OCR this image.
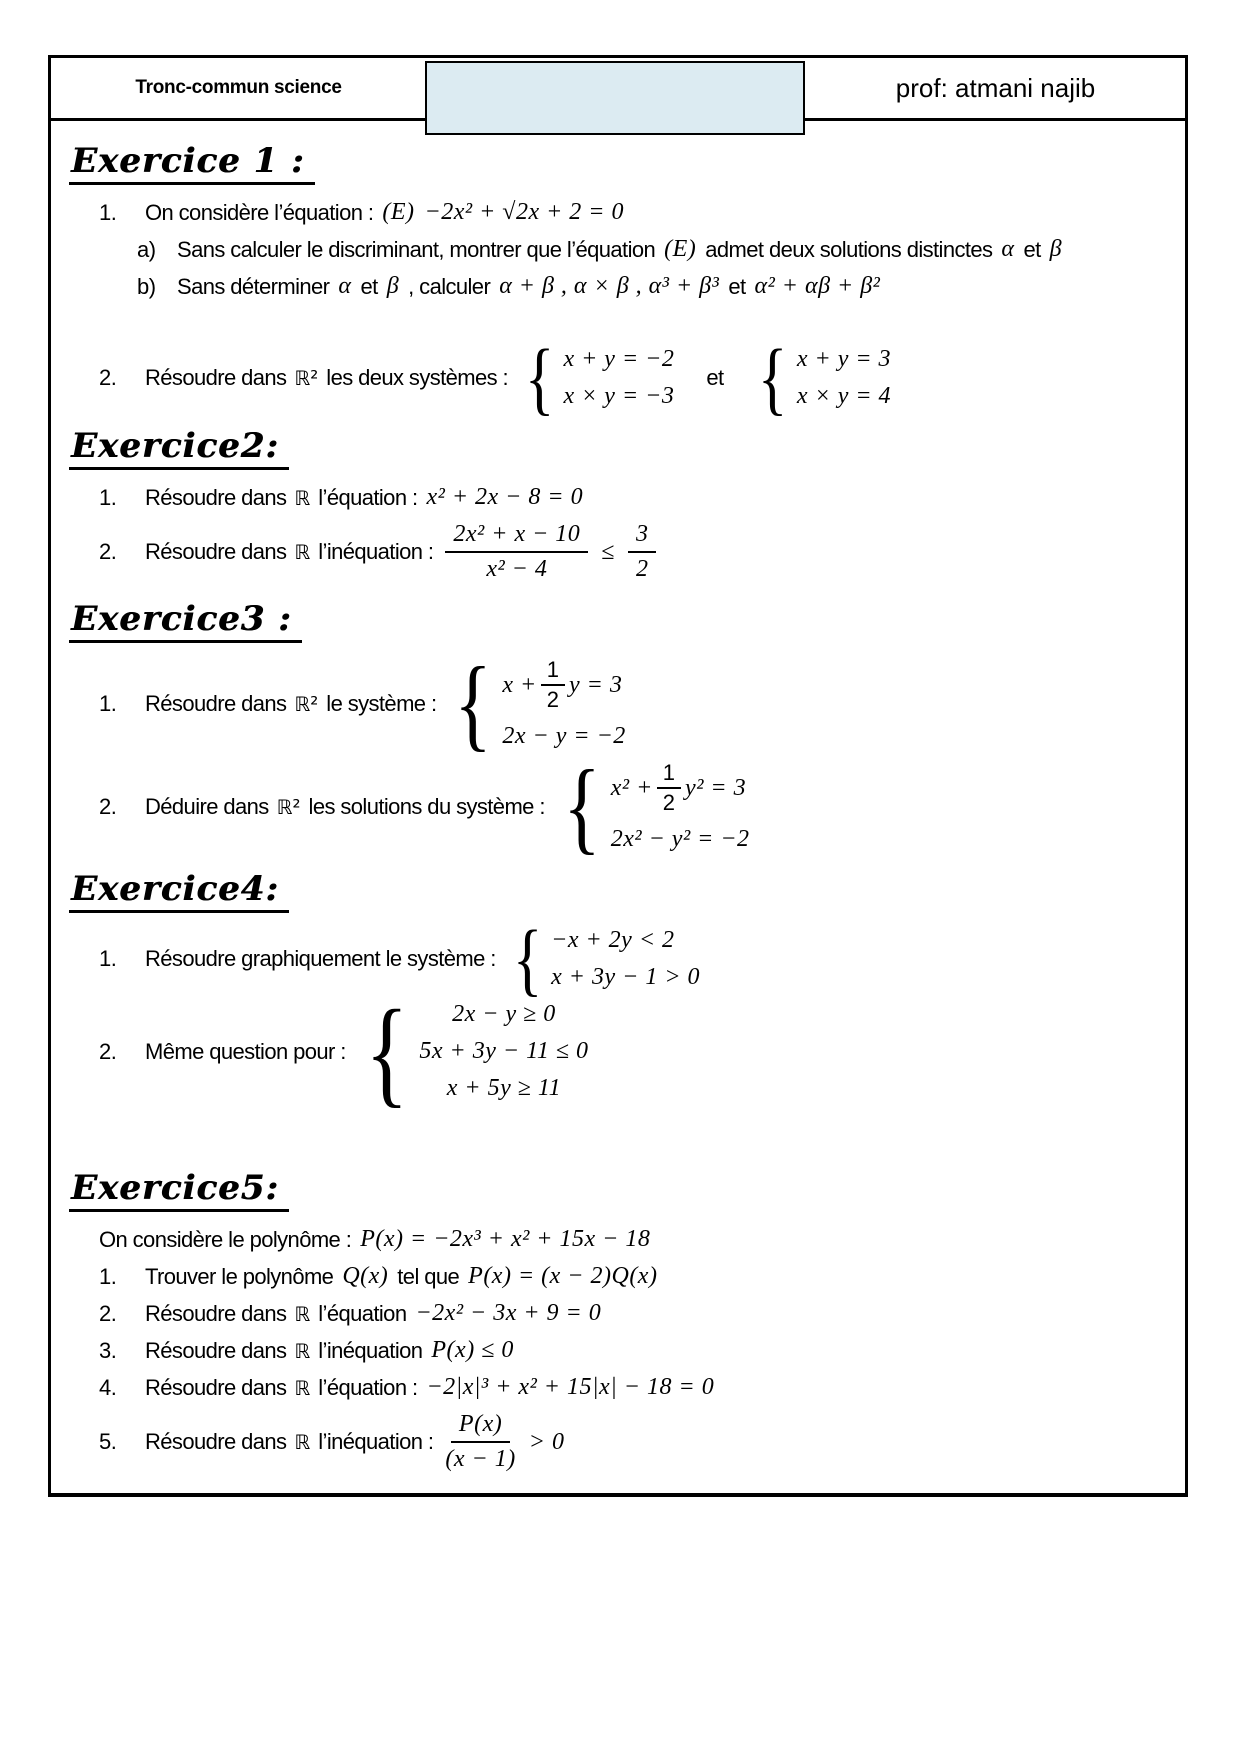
Tronc-commun science	prof: atmani najib
Exercice 1 :
1.	On considère l’équation : (E) −2x² + √2x + 2 = 0
a) Sans calculer le discriminant, montrer que l’équation (E) admet deux solutions distinctes α et β
b) Sans déterminer α et β , calculer α + β , α × β , α³ + β³ et α² + αβ + β²
2.	Résoudre dans ℝ² les deux systèmes : { x + y = −2
x × y = −3
et { x + y = 3
x × y = 4
Exercice2:
1.	Résoudre dans ℝ l’équation : x² + 2x − 8 = 0
2.	Résoudre dans ℝ l’inéquation : $\frac{\text{2x² + x − 10}}{\text{x² − 4}} \le \frac{3}{2}$
Exercice3 :
1.	Résoudre dans ℝ² le système : { $x + \frac{1}{2}$ y = 3
2x − y = −2
2.	Déduire dans ℝ² les solutions du système : { $x^2 + \frac{1}{2} y^2 = 3$
2x² − y² = −2
Exercice4:
1.	Résoudre graphiquement le système : { −x + 2y < 2
x + 3y − 1 > 0
2.	Même question pour : { 2x − y ≥ 0
5x + 3y − 11 ≤ 0
x + 5y ≥ 11
Exercice5:
On considère le polynôme : P(x) = −2x³ + x² + 15x − 18
1.	Trouver le polynôme Q(x) tel que P(x) = (x − 2)Q(x)
2.	Résoudre dans ℝ l’équation −2x² − 3x + 9 = 0
3.	Résoudre dans ℝ l’inéquation P(x) ≤ 0
4.	Résoudre dans ℝ l’équation : −2|x|³ + x² + 15|x| − 18 = 0
5.	Résoudre dans ℝ l’inéquation : $\frac{P(x)}{(x - 1)} > 0$
